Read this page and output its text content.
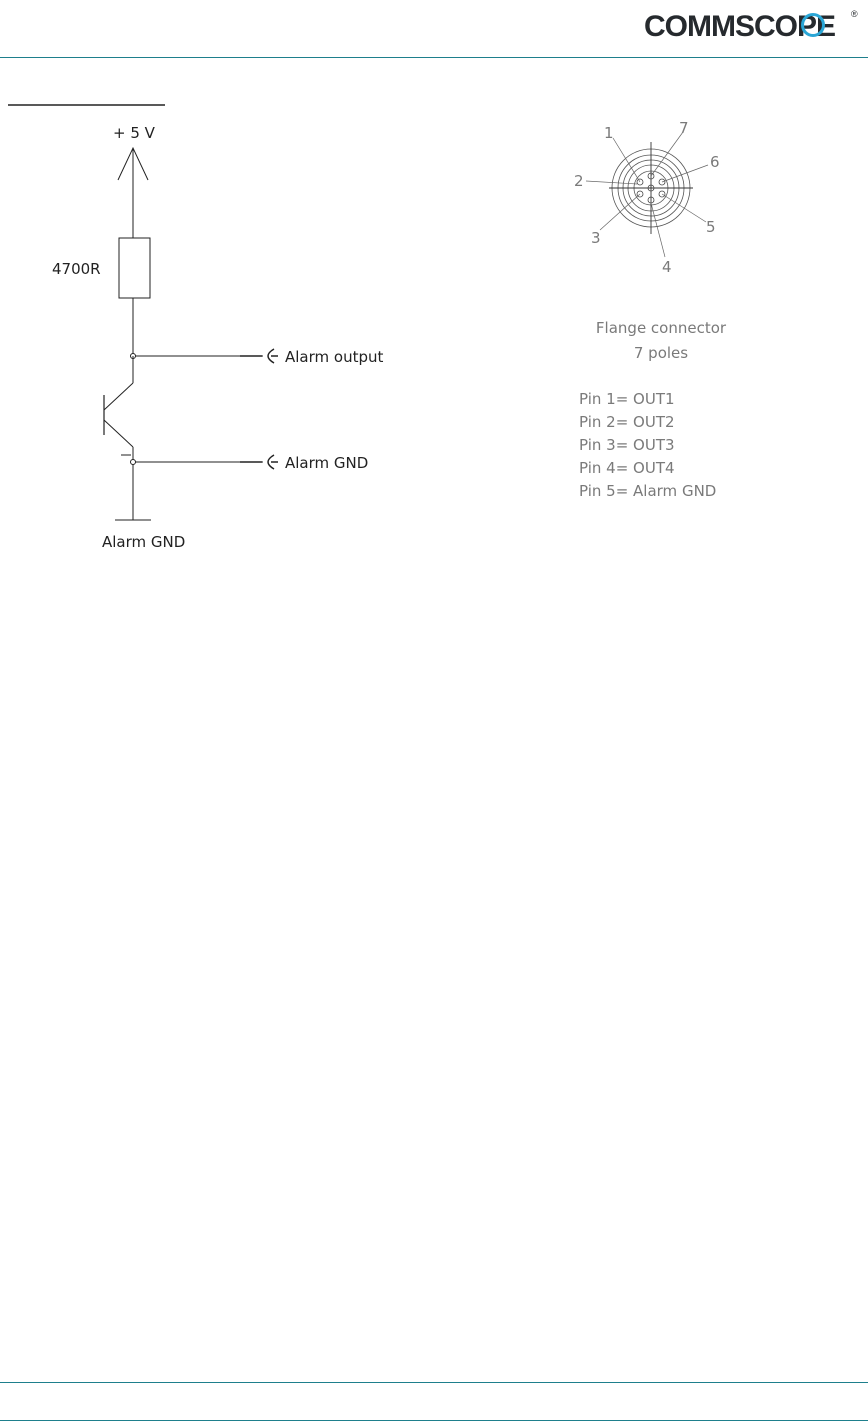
COMMSCOPE ®
+ 5 V
4700R
Alarm output
Alarm GND
Alarm GND
1
2
3
4
5
6
7
Flange connector
7 poles
Pin 1= OUT1
Pin 2= OUT2
Pin 3= OUT3
Pin 4= OUT4
Pin 5= Alarm GND
